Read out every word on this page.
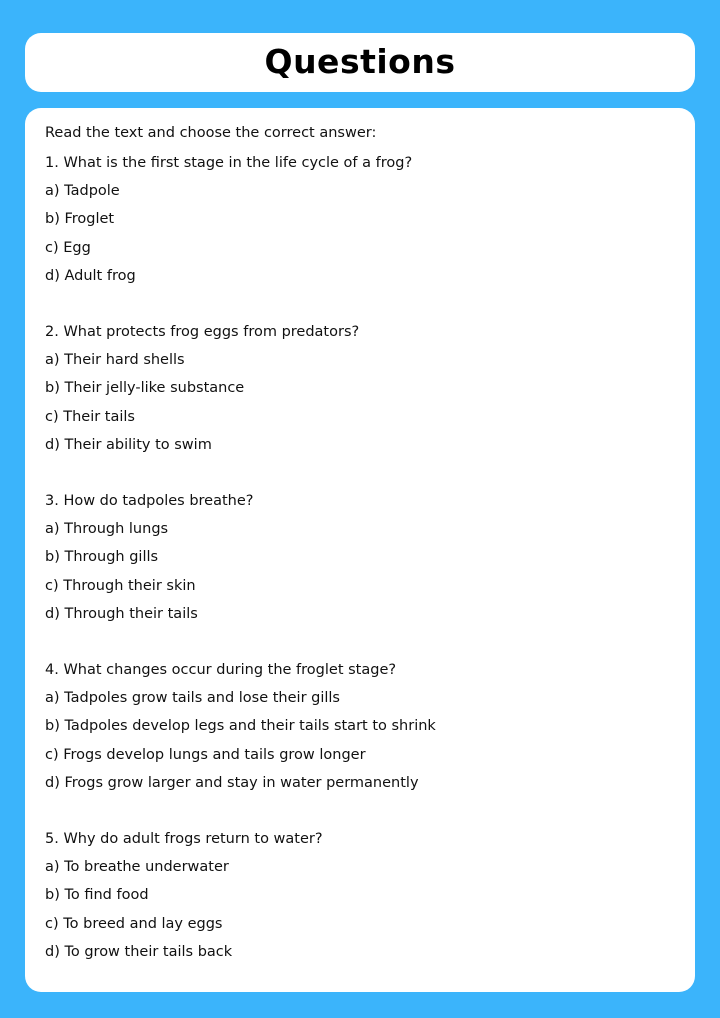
Questions
Read the text and choose the correct answer:
1. What is the first stage in the life cycle of a frog?
a) Tadpole
b) Froglet
c) Egg
d) Adult frog
2. What protects frog eggs from predators?
a) Their hard shells
b) Their jelly-like substance
c) Their tails
d) Their ability to swim
3. How do tadpoles breathe?
a) Through lungs
b) Through gills
c) Through their skin
d) Through their tails
4. What changes occur during the froglet stage?
a) Tadpoles grow tails and lose their gills
b) Tadpoles develop legs and their tails start to shrink
c) Frogs develop lungs and tails grow longer
d) Frogs grow larger and stay in water permanently
5. Why do adult frogs return to water?
a) To breathe underwater
b) To find food
c) To breed and lay eggs
d) To grow their tails back
